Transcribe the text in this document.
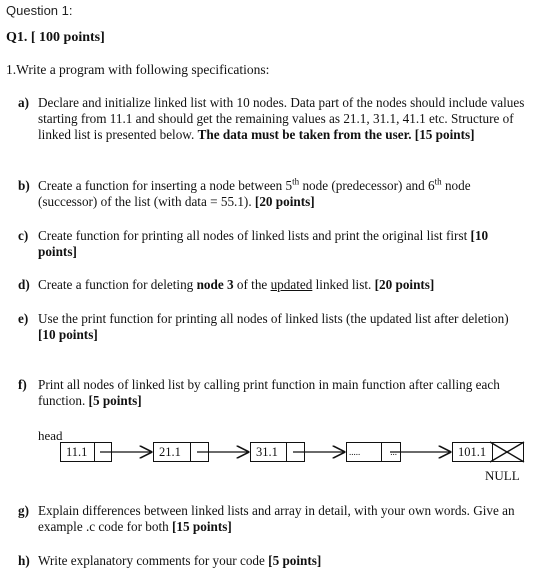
Question 1:
Q1. [ 100 points]
1.Write a program with following specifications:
a) Declare and initialize linked list with 10 nodes. Data part of the nodes should include values starting from 11.1 and should get the remaining values as 21.1, 31.1, 41.1 etc. Structure of linked list is presented below. The data must be taken from the user. [15 points]
b) Create a function for inserting a node between 5th node (predecessor) and 6th node (successor) of the list (with data = 55.1). [20 points]
c) Create function for printing all nodes of linked lists and print the original list first [10 points]
d) Create a function for deleting node 3 of the updated linked list. [20 points]
e) Use the print function for printing all nodes of linked lists (the updated list after deletion) [10 points]
f) Print all nodes of linked list by calling print function in main function after calling each function. [5 points]
head
11.1	21.1	31.1	.....	...	101.1
NULL
g) Explain differences between linked lists and array in detail, with your own words. Give an example .c code for both [15 points]
h) Write explanatory comments for your code [5 points]
